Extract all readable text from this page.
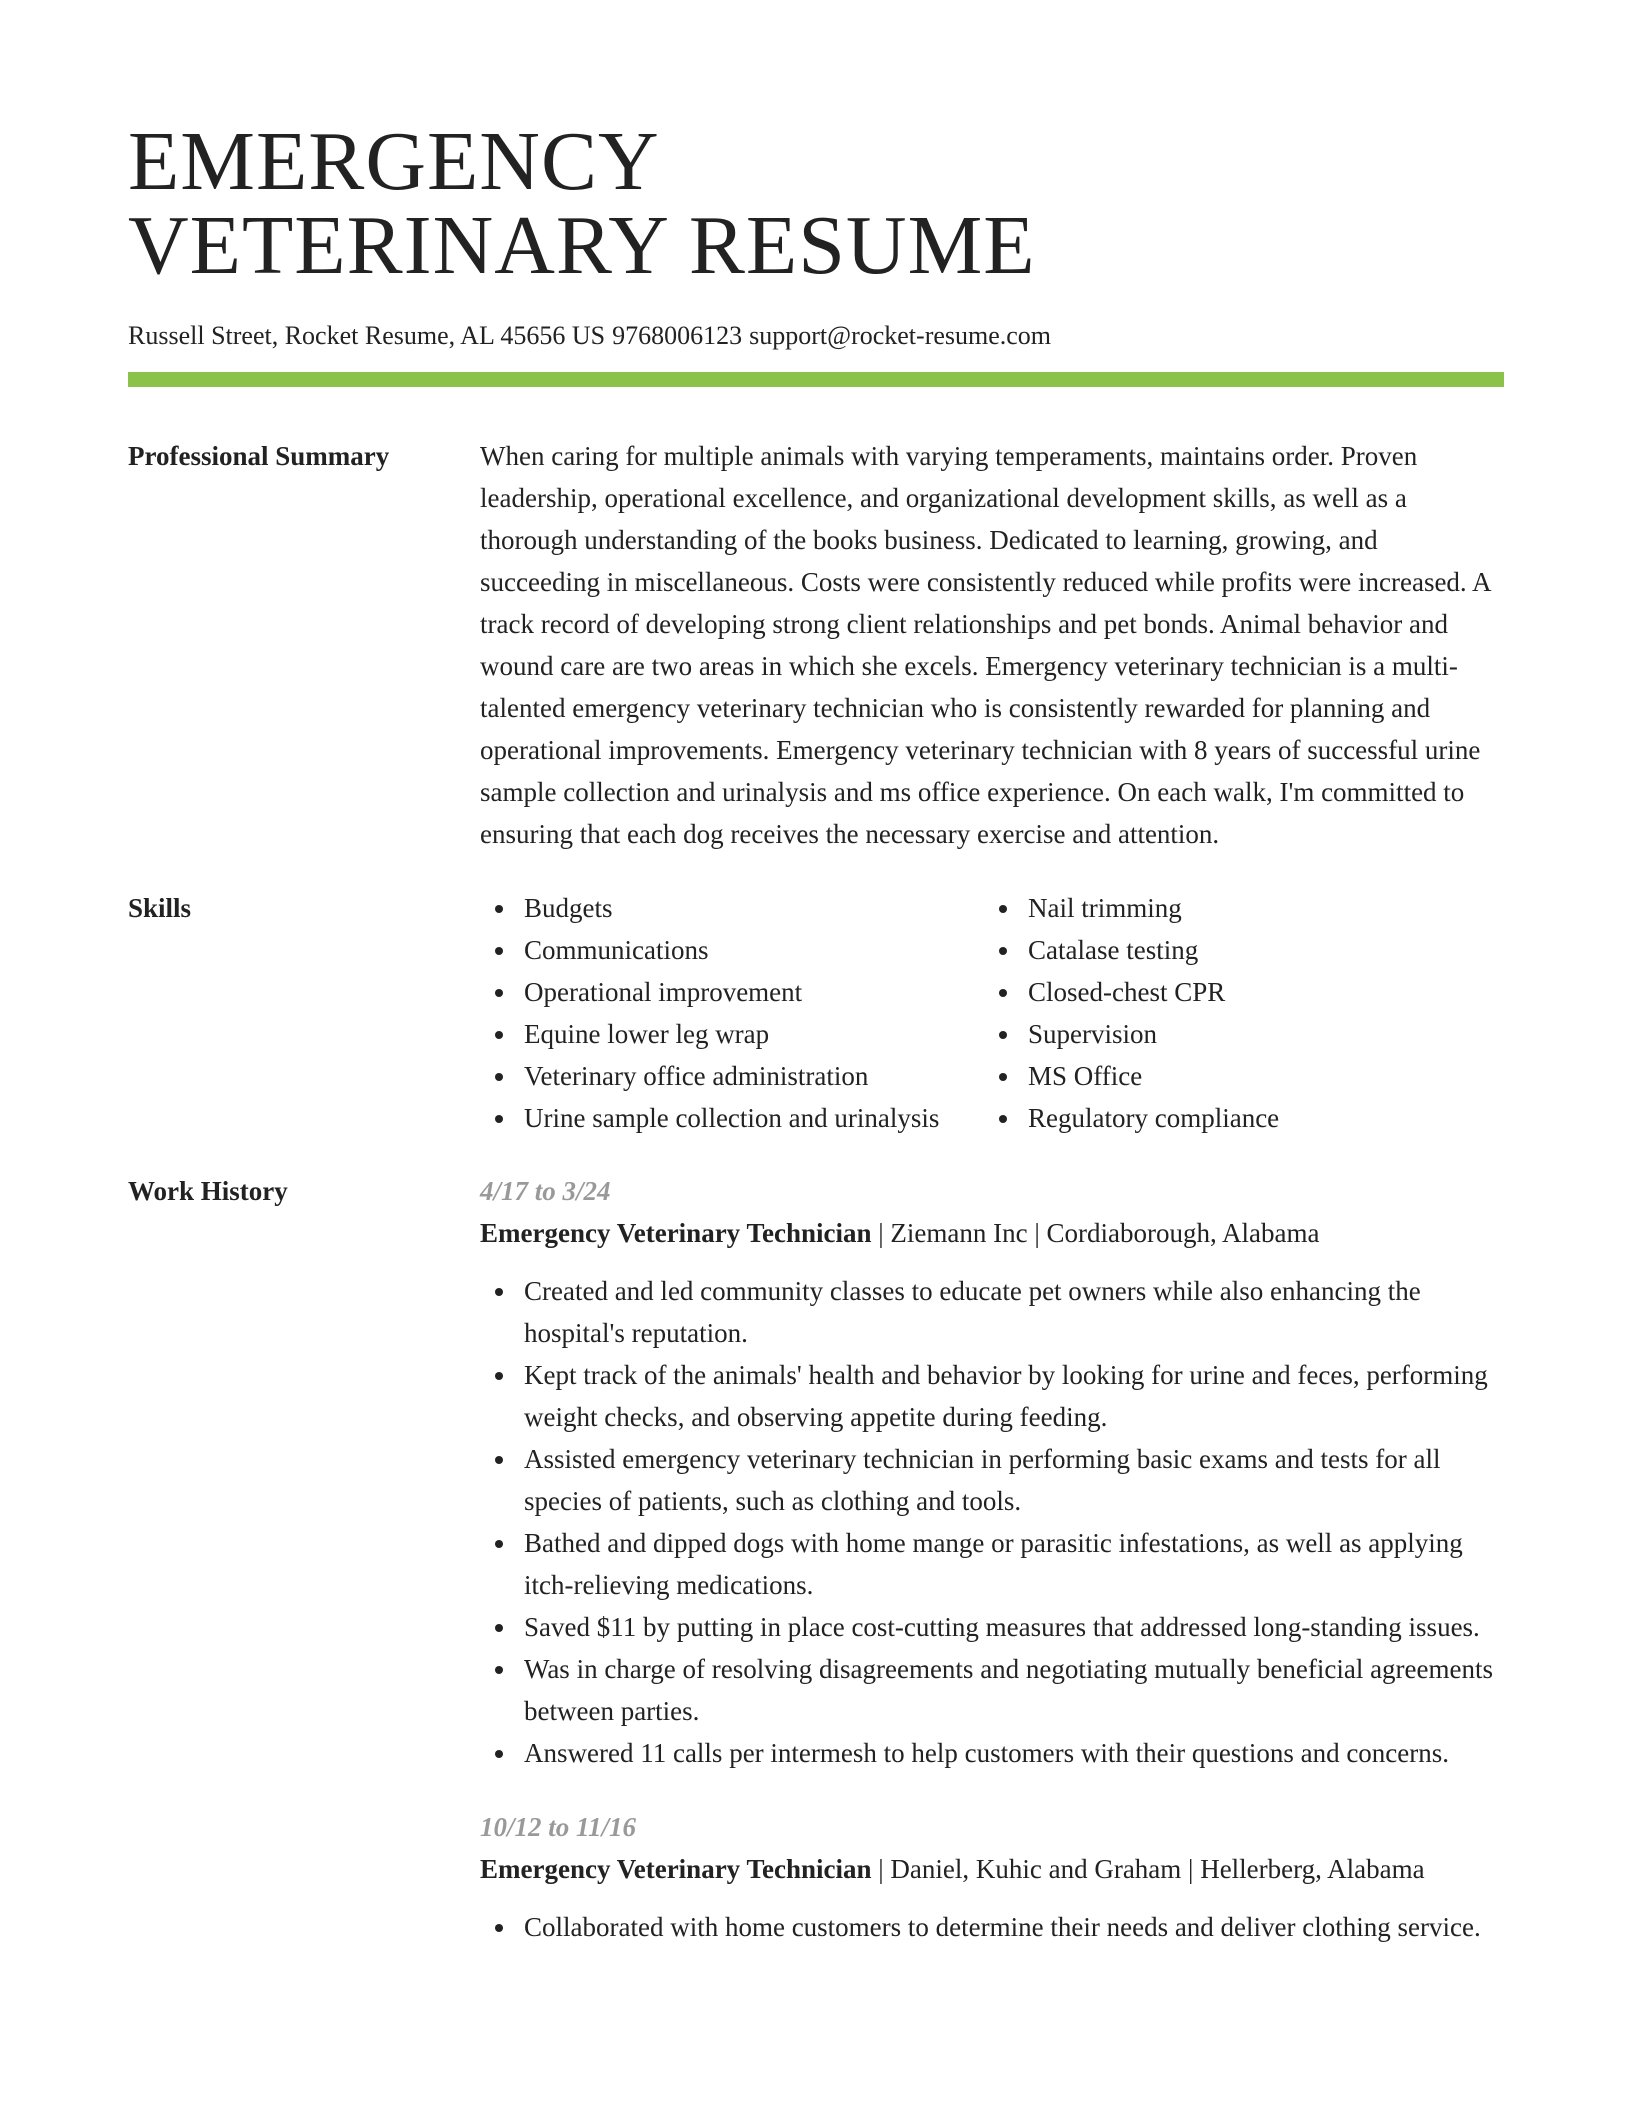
EMERGENCY
VETERINARY RESUME
Russell Street, Rocket Resume, AL 45656 US 9768006123 support@rocket-resume.com
Professional Summary	When caring for multiple animals with varying temperaments, maintains order. Proven leadership, operational excellence, and organizational development skills, as well as a thorough understanding of the books business. Dedicated to learning, growing, and succeeding in miscellaneous. Costs were consistently reduced while profits were increased. A track record of developing strong client relationships and pet bonds. Animal behavior and wound care are two areas in which she excels. Emergency veterinary technician is a multi-talented emergency veterinary technician who is consistently rewarded for planning and operational improvements. Emergency veterinary technician with 8 years of successful urine sample collection and urinalysis and ms office experience. On each walk, I'm committed to ensuring that each dog receives the necessary exercise and attention.
Skills	Budgets
Communications
Operational improvement
Equine lower leg wrap
Veterinary office administration
Urine sample collection and urinalysis
Nail trimming
Catalase testing
Closed-chest CPR
Supervision
MS Office
Regulatory compliance
Work History	4/17 to 3/24
Emergency Veterinary Technician | Ziemann Inc | Cordiaborough, Alabama
Created and led community classes to educate pet owners while also enhancing the hospital's reputation.
Kept track of the animals' health and behavior by looking for urine and feces, performing weight checks, and observing appetite during feeding.
Assisted emergency veterinary technician in performing basic exams and tests for all species of patients, such as clothing and tools.
Bathed and dipped dogs with home mange or parasitic infestations, as well as applying itch-relieving medications.
Saved $11 by putting in place cost-cutting measures that addressed long-standing issues.
Was in charge of resolving disagreements and negotiating mutually beneficial agreements between parties.
Answered 11 calls per intermesh to help customers with their questions and concerns.
10/12 to 11/16
Emergency Veterinary Technician | Daniel, Kuhic and Graham | Hellerberg, Alabama
Collaborated with home customers to determine their needs and deliver clothing service.
